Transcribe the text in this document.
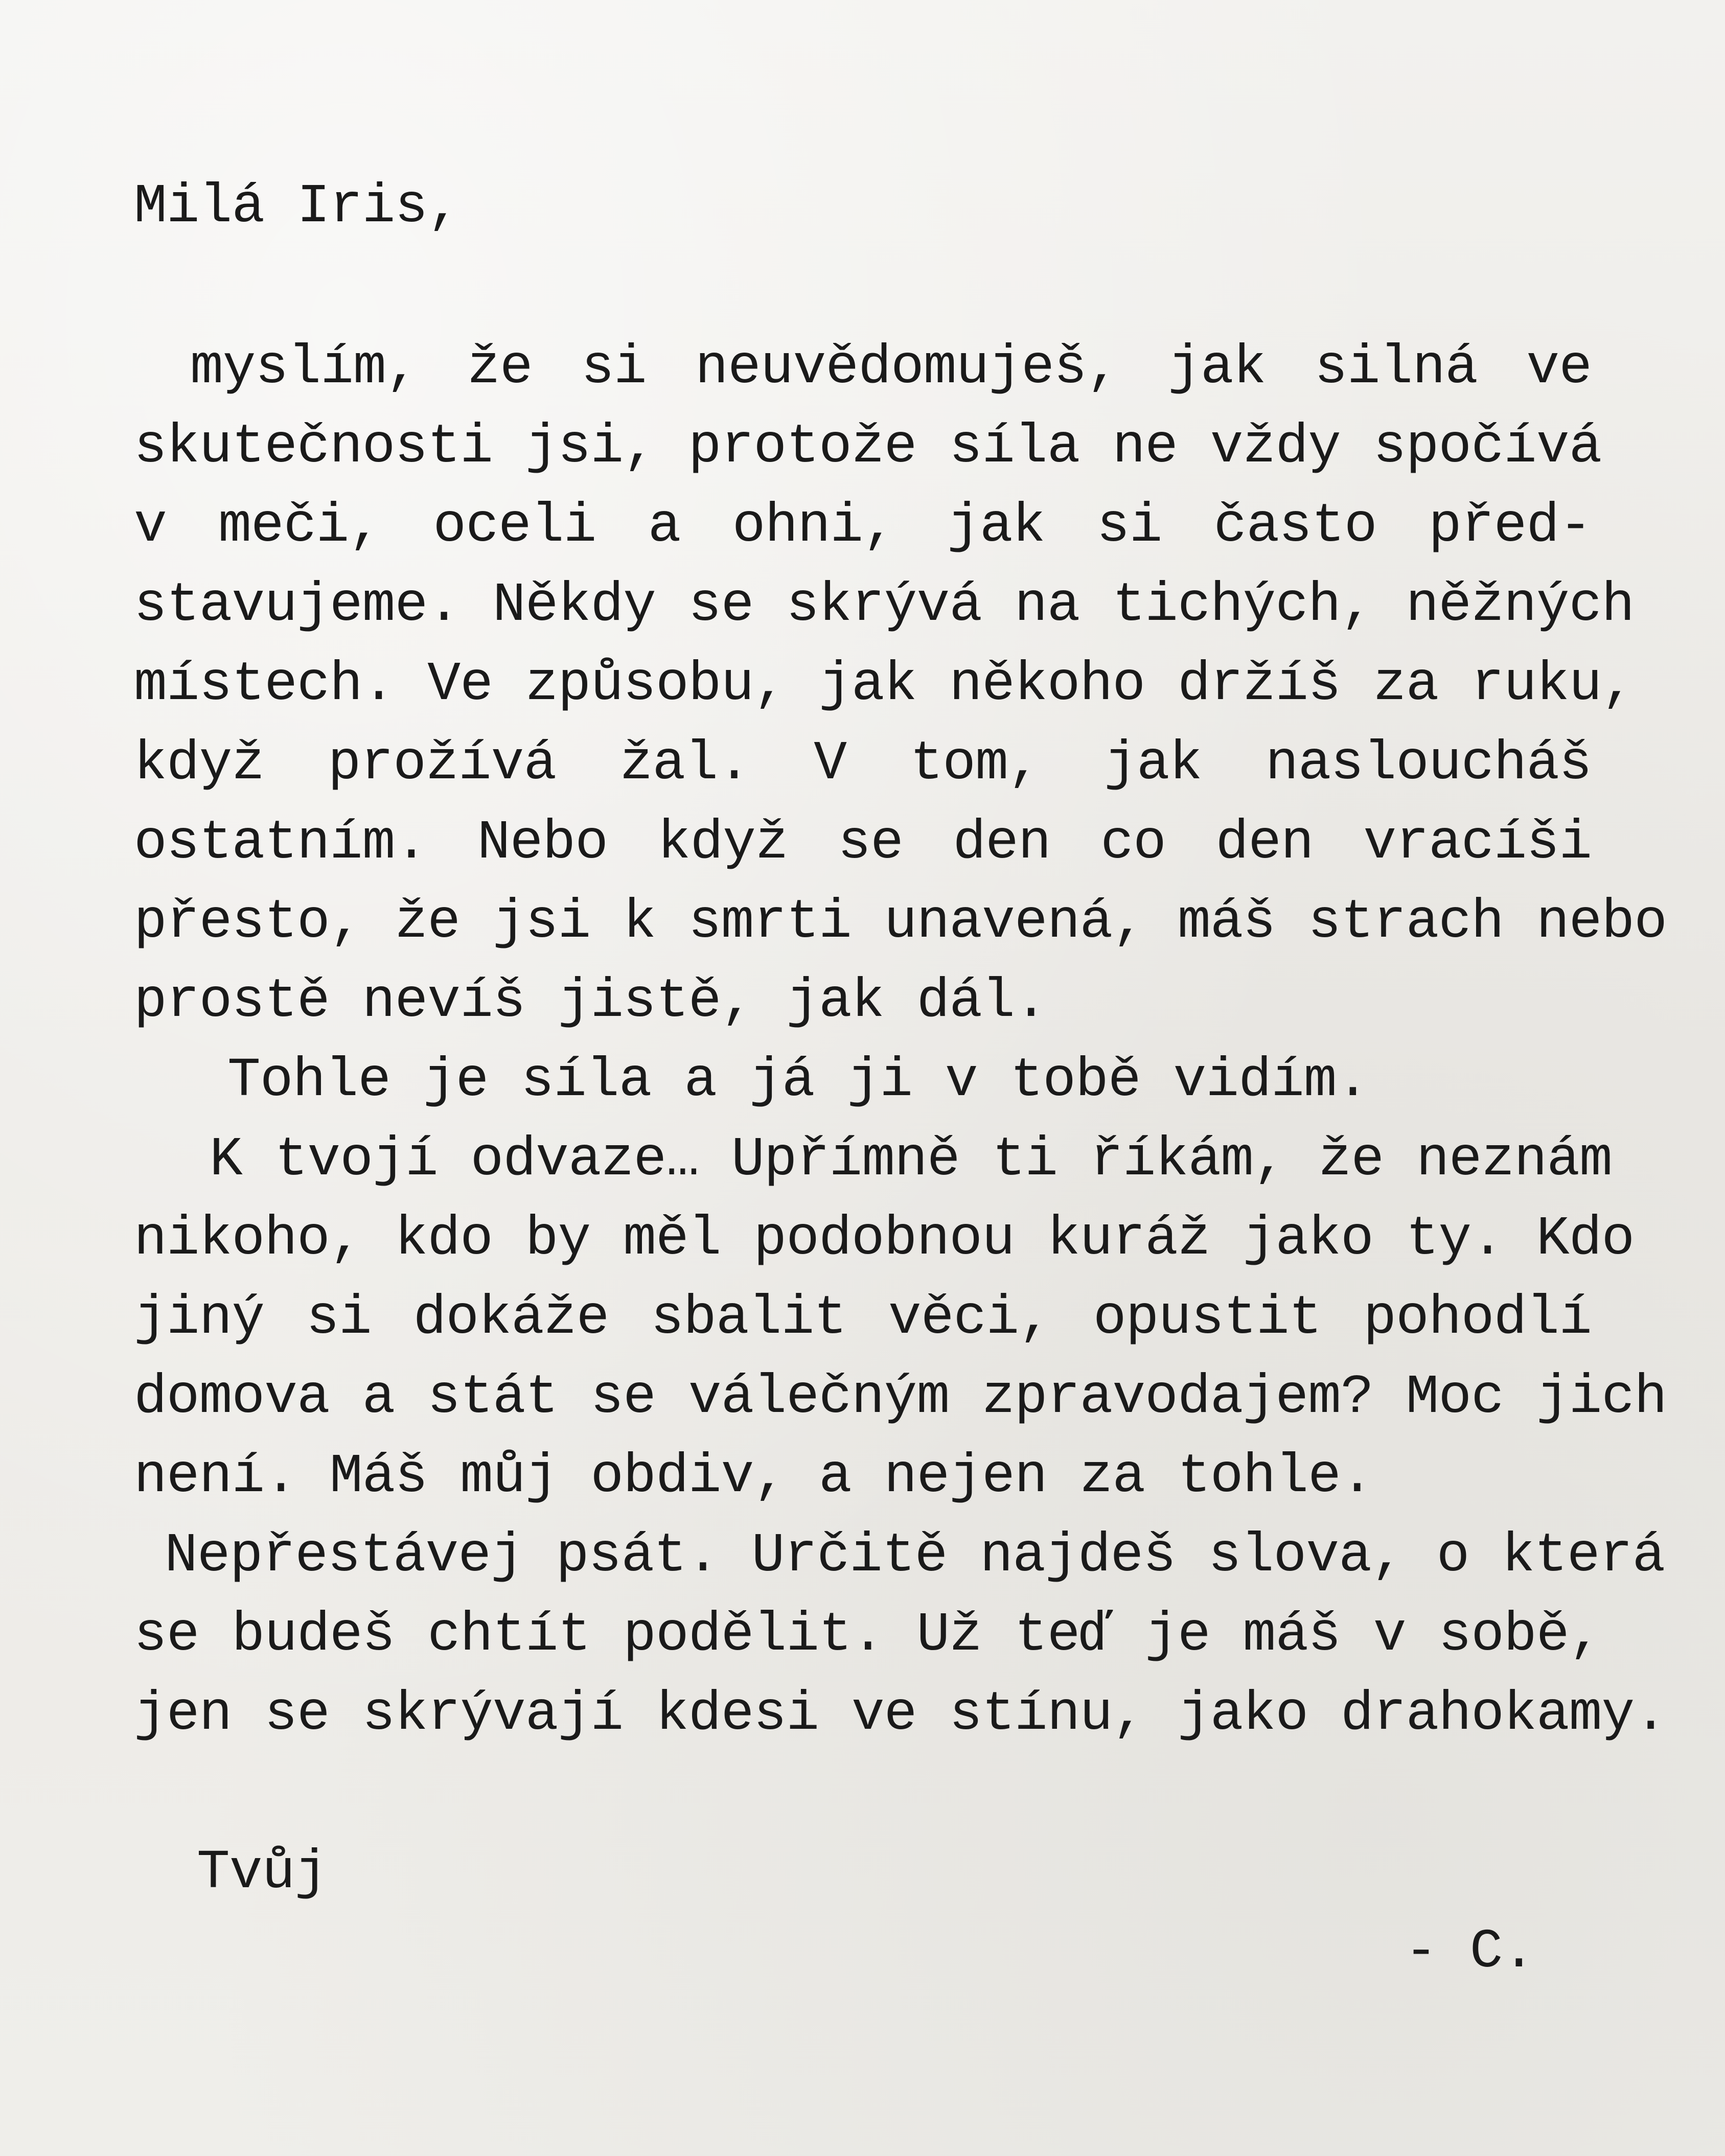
Milá Iris,
myslím, že si neuvědomuješ, jak silná ve
skutečnosti jsi, protože síla ne vždy spočívá
v meči, oceli a ohni, jak si často před-
stavujeme. Někdy se skrývá na tichých, něžných
místech. Ve způsobu, jak někoho držíš za ruku,
když prožívá žal. V tom, jak nasloucháš
ostatním. Nebo když se den co den vracíši
přesto, že jsi k smrti unavená, máš strach nebo
prostě nevíš jistě, jak dál.
Tohle je síla a já ji v tobě vidím.
K tvojí odvaze… Upřímně ti říkám, že neznám
nikoho, kdo by měl podobnou kuráž jako ty. Kdo
jiný si dokáže sbalit věci, opustit pohodlí
domova a stát se válečným zpravodajem? Moc jich
není. Máš můj obdiv, a nejen za tohle.
Nepřestávej psát. Určitě najdeš slova, o která
se budeš chtít podělit. Už teď je máš v sobě,
jen se skrývají kdesi ve stínu, jako drahokamy.
Tvůj
- C.
